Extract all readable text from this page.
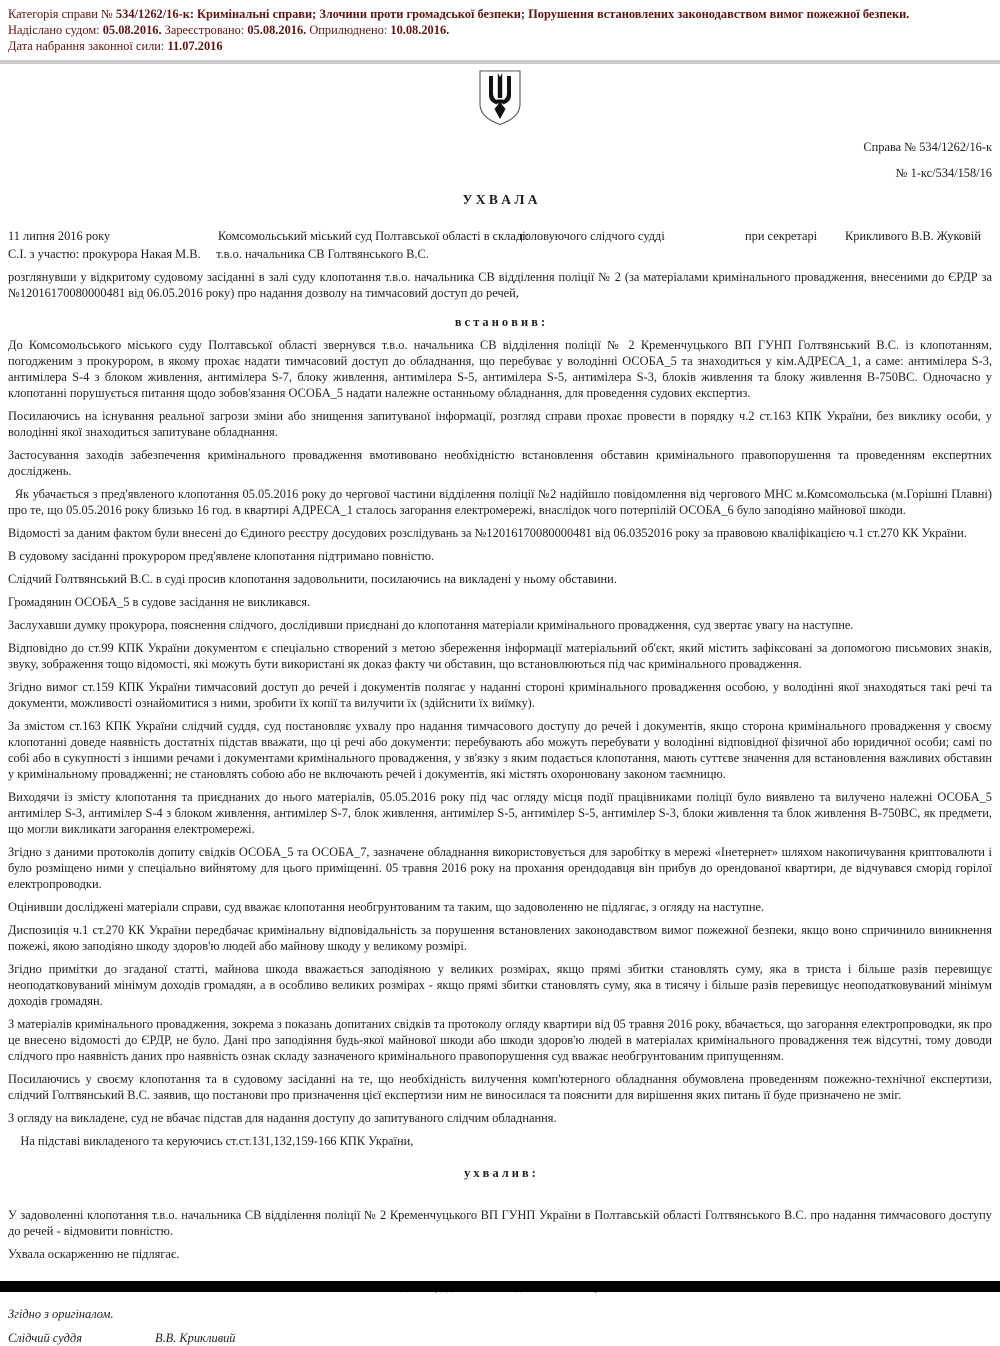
Категорія справи № 534/1262/16-к: Кримінальні справи; Злочини проти громадської безпеки; Порушення встановлених законодавством вимог пожежної безпеки.
Надіслано судом: 05.08.2016. Зареєстровано: 05.08.2016. Оприлюднено: 10.08.2016.
Дата набрання законної сили: 11.07.2016
Справа № 534/1262/16-к
№ 1-кс/534/158/16
У Х В А Л А
11 липня 2016 року	Комсомольський міський суд Полтавської області в складі:
головуючого слідчого судді	при секретарі Крикливого В.В. Жуковій
С.І. з участю: прокурора Накая М.В.     т.в.о. начальника СВ Голтвянського В.С.

розглянувши у відкритому судовому засіданні в залі суду клопотання т.в.о. начальника СВ відділення поліції № 2 (за матеріалами кримінального провадження, внесеними до ЄРДР за №12016170080000481 від 06.05.2016 року) про надання дозволу на тимчасовий доступ до речей,

в с т а н о в и в :

До Комсомольського міського суду Полтавської області звернувся т.в.о. начальника СВ відділення поліції № 2 Кременчуцького ВП ГУНП Голтвянський В.С. із клопотанням, погодженим з прокурором, в якому прохає надати тимчасовий доступ до обладнання, що перебуває у володінні ОСОБА_5 та знаходиться у кім.АДРЕСА_1, а саме: антимілера S-3, антимілера S-4 з блоком живлення, антимілера S-7, блоку живлення, антимілера S-5, антимілера S-5, антимілера S-3, блоків живлення та блоку живлення В-750ВС. Одночасно у клопотанні порушується питання щодо зобов'язання ОСОБА_5 надати належне останньому обладнання, для проведення судових експертиз.

Посилаючись на існування реальної загрози зміни або знищення запитуваної інформації, розгляд справи прохає провести в порядку ч.2 ст.163 КПК України, без виклику особи, у володінні якої знаходиться запитуване обладнання.

Застосування заходів забезпечення кримінального провадження вмотивовано необхідністю встановлення обставин кримінального правопорушення та проведенням експертних досліджень.

Як убачається з пред'явленого клопотання 05.05.2016 року до чергової частини відділення поліції №2 надійшло повідомлення від чергового МНС м.Комсомольська (м.Горішні Плавні) про те, що 05.05.2016 року близько 16 год. в квартирі АДРЕСА_1 сталось загорання електромережі, внаслідок чого потерпілій ОСОБА_6 було заподіяно майнової шкоди.

Відомості за даним фактом були внесені до Єдиного реєстру досудових розслідувань за №12016170080000481 від 06.0352016 року за правовою кваліфікацією ч.1 ст.270 КК України.

В судовому засіданні прокурором пред'явлене клопотання підтримано повністю.

Слідчий Голтвянський В.С. в суді просив клопотання задовольнити, посилаючись на викладені у ньому обставини.

Громадянин ОСОБА_5 в судове засідання не викликався.

Заслухавши думку прокурора, пояснення слідчого, дослідивши приєднані до клопотання матеріали кримінального провадження, суд звертає увагу на наступне.

Відповідно до ст.99 КПК України документом є спеціально створений з метою збереження інформації матеріальний об'єкт, який містить зафіксовані за допомогою письмових знаків, звуку, зображення тощо відомості, які можуть бути використані як доказ факту чи обставин, що встановлюються під час кримінального провадження.

Згідно вимог ст.159 КПК України тимчасовий доступ до речей і документів полягає у наданні стороні кримінального провадження особою, у володінні якої знаходяться такі речі та документи, можливості ознайомитися з ними, зробити їх копії та вилучити їх (здійснити їх виїмку).

За змістом ст.163 КПК України слідчий суддя, суд постановляє ухвалу про надання тимчасового доступу до речей і документів, якщо сторона кримінального провадження у своєму клопотанні доведе наявність достатніх підстав вважати, що ці речі або документи: перебувають або можуть перебувати у володінні відповідної фізичної або юридичної особи; самі по собі або в сукупності з іншими речами і документами кримінального провадження, у зв'язку з яким подається клопотання, мають суттєве значення для встановлення важливих обставин у кримінальному провадженні; не становлять собою або не включають речей і документів, які містять охоронювану законом таємницю.

Виходячи із змісту клопотання та приєднаних до нього матеріалів, 05.05.2016 року під час огляду місця події працівниками поліції було виявлено та вилучено належні ОСОБА_5 антимілер S-3, антимілер S-4 з блоком живлення, антимілер S-7, блок живлення, антимілер S-5, антимілер S-5, антимілер S-3, блоки живлення та блок живлення В-750ВС, як предмети, що могли викликати загорання електромережі.

Згідно з даними протоколів допиту свідків ОСОБА_5 та ОСОБА_7, зазначене обладнання використовується для заробітку в мережі «Інетернет» шляхом накопичування криптовалюти і було розміщено ними у спеціально вийнятому для цього приміщенні. 05 травня 2016 року на прохання орендодавця він прибув до орендованої квартири, де відчувався сморід горілої електропроводки.

Оцінивши досліджені матеріали справи, суд вважає клопотання необгрунтованим та таким, що задоволенню не підлягає, з огляду на наступне.

Диспозиція ч.1 ст.270 КК України передбачає кримінальну відповідальність за порушення встановлених законодавством вимог пожежної безпеки, якщо воно спричинило виникнення пожежі, якою заподіяно шкоду здоров'ю людей або майнову шкоду у великому розмірі.

Згідно примітки до згаданої статті, майнова шкода вважається заподіяною у великих розмірах, якщо прямі збитки становлять суму, яка в триста і більше разів перевищує неоподатковуваний мінімум доходів громадян, а в особливо великих розмірах - якщо прямі збитки становлять суму, яка в тисячу і більше разів перевищує неоподатковуваний мінімум доходів громадян.

З матеріалів кримінального провадження, зокрема з показань допитаних свідків та протоколу огляду квартири від 05 травня 2016 року, вбачається, що загорання електропроводки, як про це внесено відомості до ЄРДР, не було. Дані про заподіяння будь-якої майнової шкоди або шкоди здоров'ю людей в матеріалах кримінального провадження теж відсутні, тому доводи слідчого про наявність даних про наявність ознак складу зазначеного кримінального правопорушення суд вважає необгрунтованим припущенням.

Посилаючись у своєму клопотання та в судовому засіданні на те, що необхідність вилучення комп'ютерного обладнання обумовлена проведенням пожежно-технічної експертизи, слідчий Голтвянський В.С. заявив, що постанови про призначення цієї експертизи ним не виносилася та пояснити для вирішення яких питань її буде призначено не зміг.

З огляду на викладене, суд не вбачає підстав для надання доступу до запитуваного слідчим обладнання.

На підставі викладеного та керуючись ст.ст.131,132,159-166 КПК України,

у х в а л и в :

У задоволенні клопотання т.в.о. начальника СВ відділення поліції № 2 Кременчуцького ВП ГУНП України в Полтавській області Голтвянського В.С. про надання тимчасового доступу до речей - відмовити повністю.

Ухвала оскарженню не підлягає.

Згідно з оригіналом.
Слідчий суддя	В.В. Крикливий
